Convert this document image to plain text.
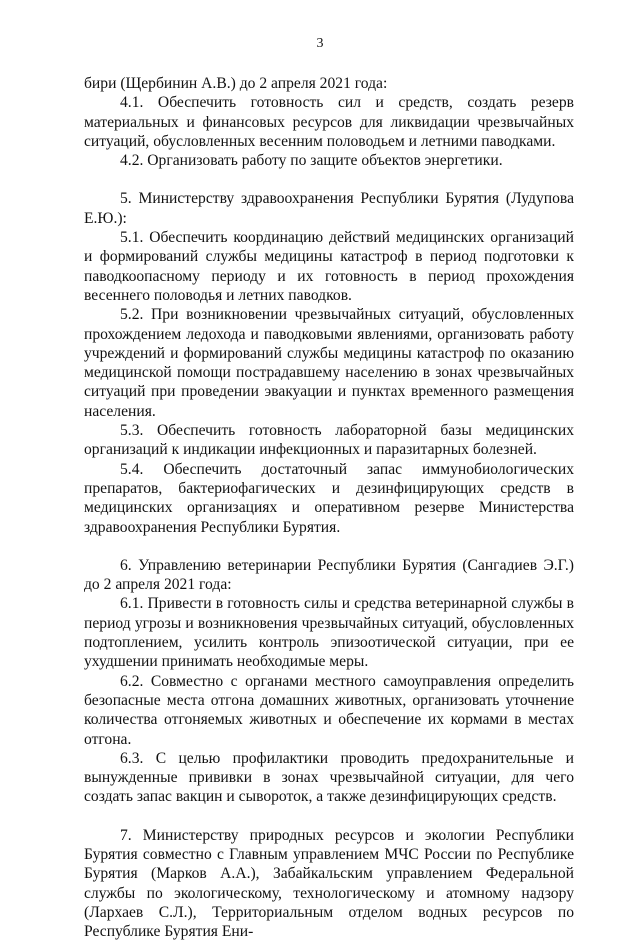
3

бири (Щербинин А.В.) до 2 апреля 2021 года:

4.1. Обеспечить готовность сил и средств, создать резерв материальных и финансовых ресурсов для ликвидации чрезвычайных ситуаций, обусловленных весенним половодьем и летними паводками.

4.2. Организовать работу по защите объектов энергетики.

5. Министерству здравоохранения Республики Бурятия (Лудупова Е.Ю.):

5.1. Обеспечить координацию действий медицинских организаций и формирований службы медицины катастроф в период подготовки к паводкоопасному периоду и их готовность в период прохождения весеннего половодья и летних паводков.

5.2. При возникновении чрезвычайных ситуаций, обусловленных прохождением ледохода и паводковыми явлениями, организовать работу учреждений и формирований службы медицины катастроф по оказанию медицинской помощи пострадавшему населению в зонах чрезвычайных ситуаций при проведении эвакуации и пунктах временного размещения населения.

5.3. Обеспечить готовность лабораторной базы медицинских организаций к индикации инфекционных и паразитарных болезней.

5.4. Обеспечить достаточный запас иммунобиологических препаратов, бактериофагических и дезинфицирующих средств в медицинских организациях и оперативном резерве Министерства здравоохранения Республики Бурятия.

6. Управлению ветеринарии Республики Бурятия (Сангадиев Э.Г.) до 2 апреля 2021 года:

6.1. Привести в готовность силы и средства ветеринарной службы в период угрозы и возникновения чрезвычайных ситуаций, обусловленных подтоплением, усилить контроль эпизоотической ситуации, при ее ухудшении принимать необходимые меры.

6.2. Совместно с органами местного самоуправления определить безопасные места отгона домашних животных, организовать уточнение количества отгоняемых животных и обеспечение их кормами в местах отгона.

6.3. С целью профилактики проводить предохранительные и вынужденные прививки в зонах чрезвычайной ситуации, для чего создать запас вакцин и сывороток, а также дезинфицирующих средств.

7. Министерству природных ресурсов и экологии Республики Бурятия совместно с Главным управлением МЧС России по Республике Бурятия (Марков А.А.), Забайкальским управлением Федеральной службы по экологическому, технологическому и атомному надзору (Лархаев С.Л.), Территориальным отделом водных ресурсов по Республике Бурятия Ени-
